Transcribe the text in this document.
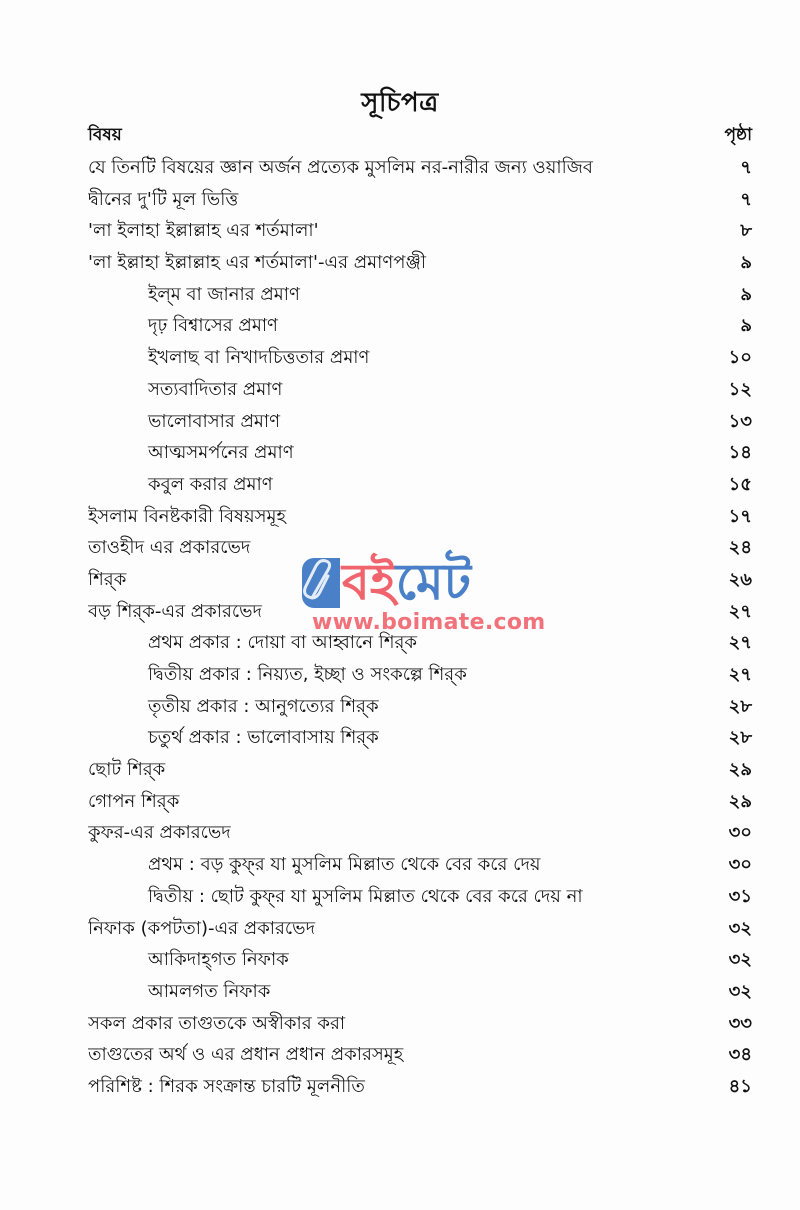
সূচিপত্র
বিষয়	পৃষ্ঠা
যে তিনটি বিষয়ের জ্ঞান অর্জন প্রত্যেক মুসলিম নর-নারীর জন্য ওয়াজিব	৭
দ্বীনের দু'টি মূল ভিত্তি	৭
'লা ইলাহা ইল্লাল্লাহ এর শর্তমালা'	৮
'লা ইল্লাহা ইল্লাল্লাহ এর শর্তমালা'-এর প্রমাণপঞ্জী	৯
ইল্‌ম বা জানার প্রমাণ	৯
দৃঢ় বিশ্বাসের প্রমাণ	৯
ইখলাছ বা নিখাদচিত্ততার প্রমাণ	১০
সত্যবাদিতার প্রমাণ	১২
ভালোবাসার প্রমাণ	১৩
আত্মসমর্পনের প্রমাণ	১৪
কবুল করার প্রমাণ	১৫
ইসলাম বিনষ্টকারী বিষয়সমূহ	১৭
তাওহীদ এর প্রকারভেদ	২৪
শির্‌ক	২৬
বড় শির্‌ক-এর প্রকারভেদ	২৭
প্রথম প্রকার : দোয়া বা আহ্বানে শির্‌ক	২৭
দ্বিতীয় প্রকার : নিয়্যত, ইচ্ছা ও সংকল্পে শির্‌ক	২৭
তৃতীয় প্রকার : আনুগত্যের শির্‌ক	২৮
চতুর্থ প্রকার : ভালোবাসায় শির্‌ক	২৮
ছোট শির্‌ক	২৯
গোপন শির্‌ক	২৯
কুফর-এর প্রকারভেদ	৩০
প্রথম : বড় কুফ্‌র যা মুসলিম মিল্লাত থেকে বের করে দেয়	৩০
দ্বিতীয় : ছোট কুফ্‌র যা মুসলিম মিল্লাত থেকে বের করে দেয় না	৩১
নিফাক (কপটতা)-এর প্রকারভেদ	৩২
আকিদাহ্‌গত নিফাক	৩২
আমলগত নিফাক	৩২
সকল প্রকার তাগুতকে অস্বীকার করা	৩৩
তাগুতের অর্থ ও এর প্রধান প্রধান প্রকারসমূহ	৩৪
পরিশিষ্ট : শিরক সংক্রান্ত চারটি মূলনীতি	৪১
বইমেট
www.boimate.com
